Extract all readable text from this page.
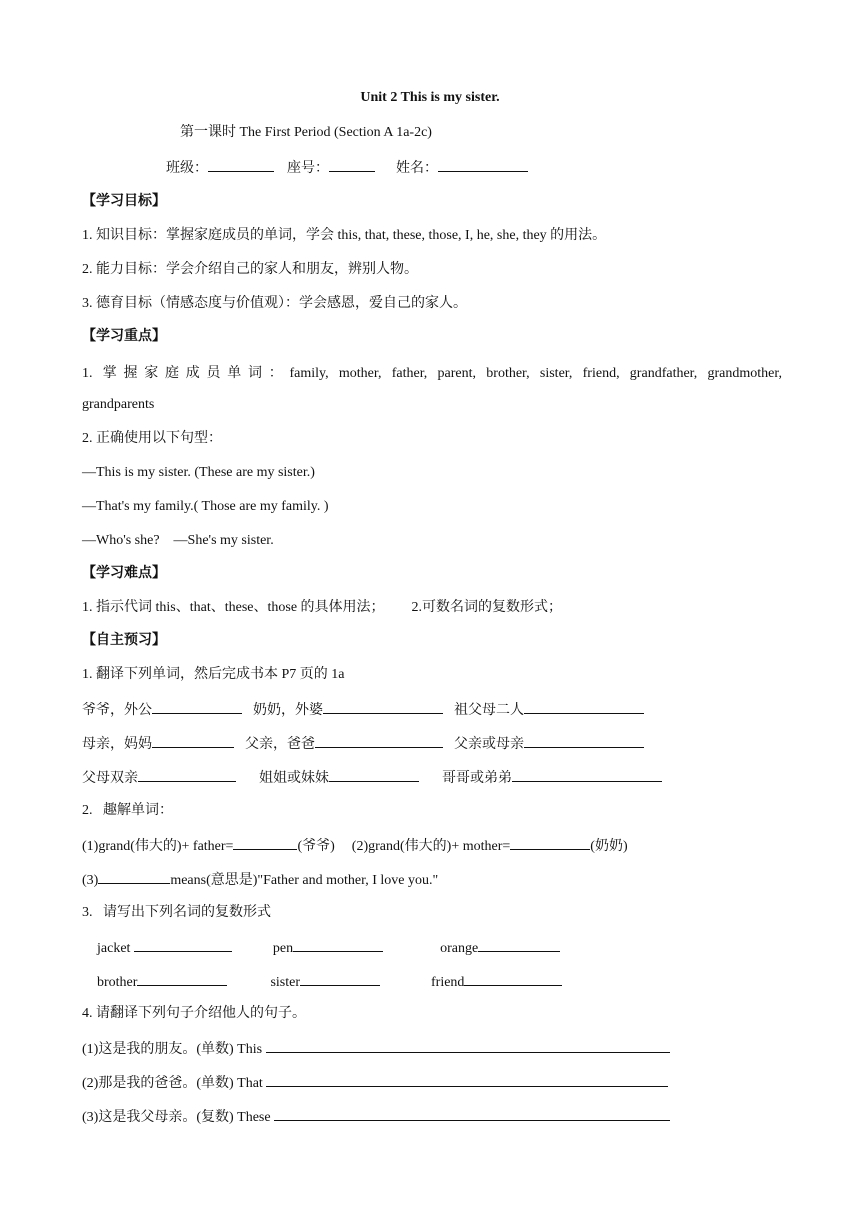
Unit 2 This is my sister.
第一课时 The First Period (Section A 1a-2c)
班级：	座号：	姓名：
【学习目标】
1. 知识目标：掌握家庭成员的单词，学会 this, that, these, those, I, he, she, they 的用法。
2. 能力目标：学会介绍自己的家人和朋友，辨别人物。
3. 德育目标（情感态度与价值观）：学会感恩，爱自己的家人。
【学习重点】
1. 掌握家庭成员单词：family, mother, father, parent, brother, sister, friend, grandfather, grandmother,
grandparents
2. 正确使用以下句型：
—This is my sister. (These are my sister.)
—That's my family.( Those are my family. )
—Who's she?    —She's my sister.
【学习难点】
1. 指示代词 this、that、these、those 的具体用法； 2.可数名词的复数形式；
【自主预习】
1. 翻译下列单词，然后完成书本 P7 页的 1a
爷爷，外公	奶奶，外婆	祖父母二人
母亲，妈妈	父亲，爸爸	父亲或母亲
父母双亲	姐姐或妹妹	哥哥或弟弟
2.   趣解单词：
(1)grand(伟大的)+ father=	(爷爷) (2)grand(伟大的)+ mother=	(奶奶)
(3)	means(意思是)"Father and mother, I love you."
3.   请写出下列名词的复数形式
jacket	pen	orange
brother	sister	friend
4. 请翻译下列句子介绍他人的句子。
(1)这是我的朋友。(单数) This
(2)那是我的爸爸。(单数) That
(3)这是我父母亲。(复数) These
